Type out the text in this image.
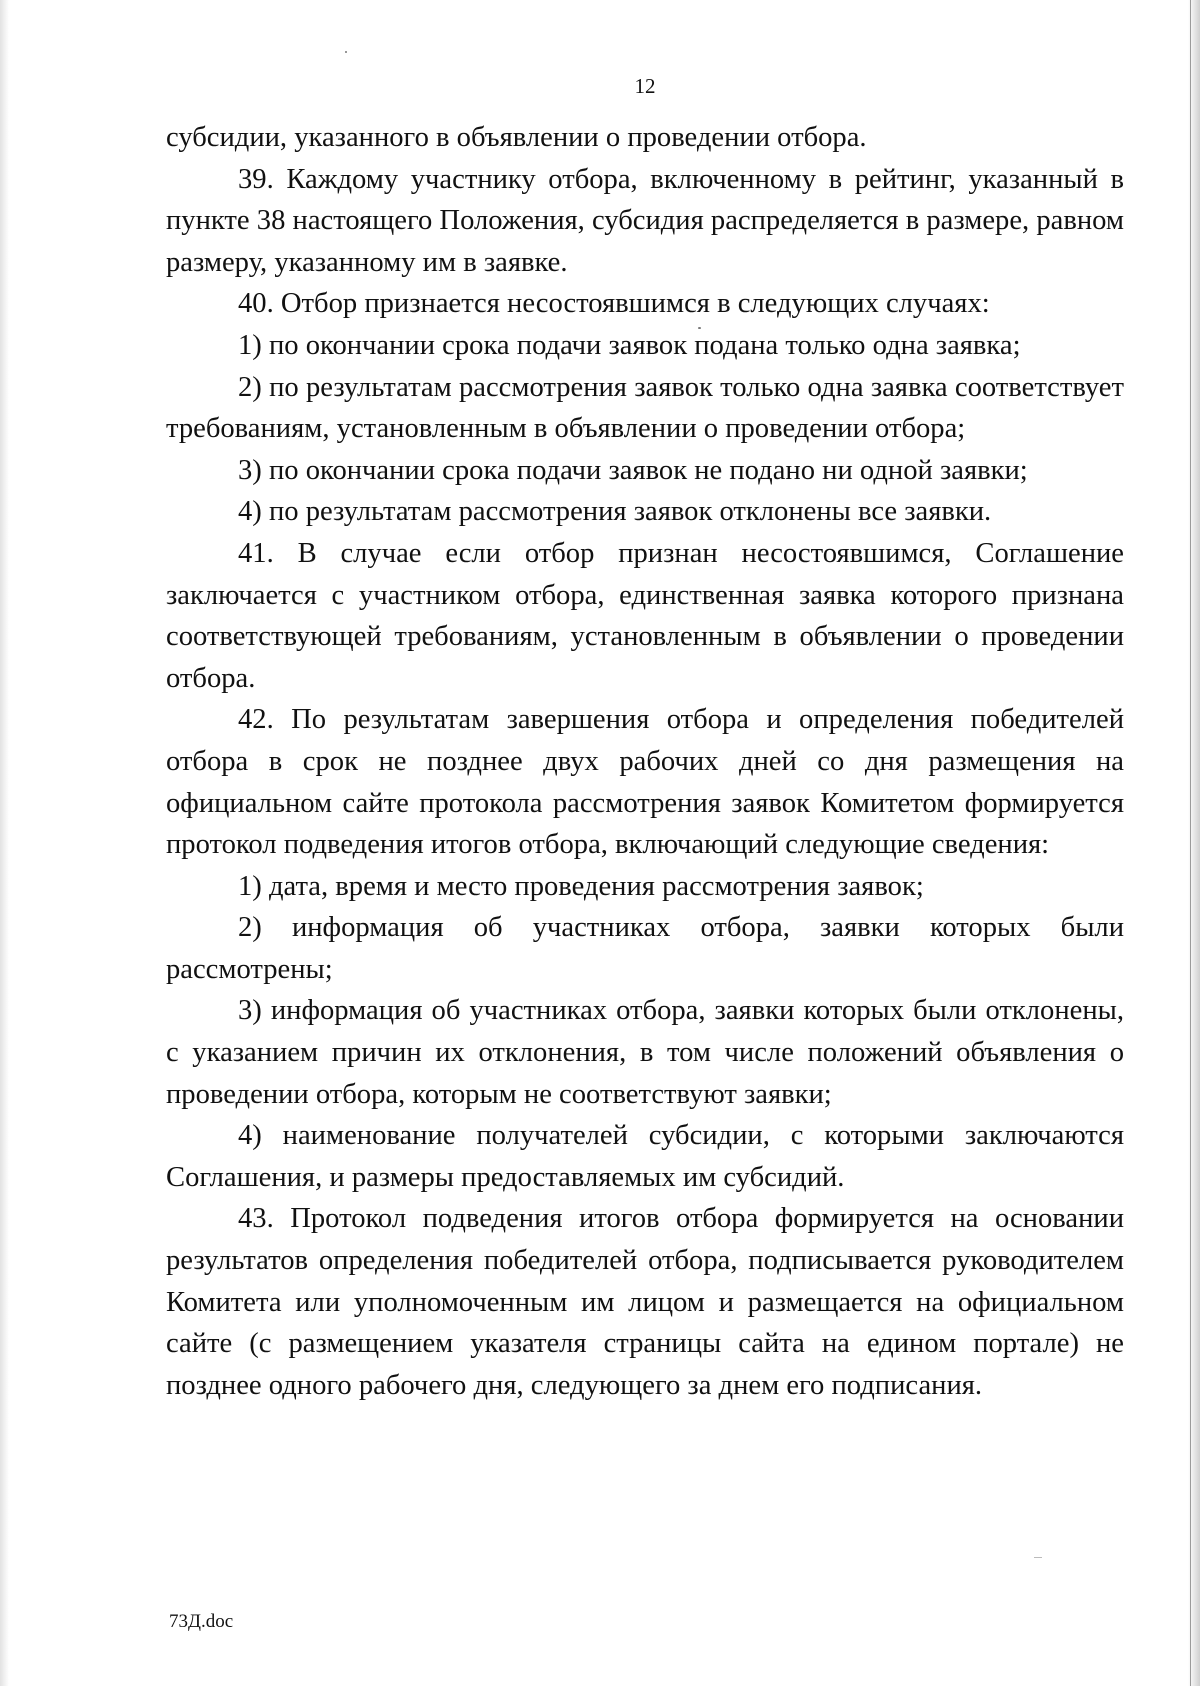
12

субсидии, указанного в объявлении о проведении отбора.

39. Каждому участнику отбора, включенному в рейтинг, указанный в пункте 38 настоящего Положения, субсидия распределяется в размере, равном размеру, указанному им в заявке.

40. Отбор признается несостоявшимся в следующих случаях:

1) по окончании срока подачи заявок подана только одна заявка;

2) по результатам рассмотрения заявок только одна заявка соответствует требованиям, установленным в объявлении о проведении отбора;

3) по окончании срока подачи заявок не подано ни одной заявки;

4) по результатам рассмотрения заявок отклонены все заявки.

41. В случае если отбор признан несостоявшимся, Соглашение заключается с участником отбора, единственная заявка которого признана соответствующей требованиям, установленным в объявлении о проведении отбора.

42. По результатам завершения отбора и определения победителей отбора в срок не позднее двух рабочих дней со дня размещения на официальном сайте протокола рассмотрения заявок Комитетом формируется протокол подведения итогов отбора, включающий следующие сведения:

1) дата, время и место проведения рассмотрения заявок;

2) информация об участниках отбора, заявки которых были рассмотрены;

3) информация об участниках отбора, заявки которых были отклонены, с указанием причин их отклонения, в том числе положений объявления о проведении отбора, которым не соответствуют заявки;

4) наименование получателей субсидии, с которыми заключаются Соглашения, и размеры предоставляемых им субсидий.

43. Протокол подведения итогов отбора формируется на основании результатов определения победителей отбора, подписывается руководителем Комитета или уполномоченным им лицом и размещается на официальном сайте (с размещением указателя страницы сайта на едином портале) не позднее одного рабочего дня, следующего за днем его подписания.

73Д.doc
